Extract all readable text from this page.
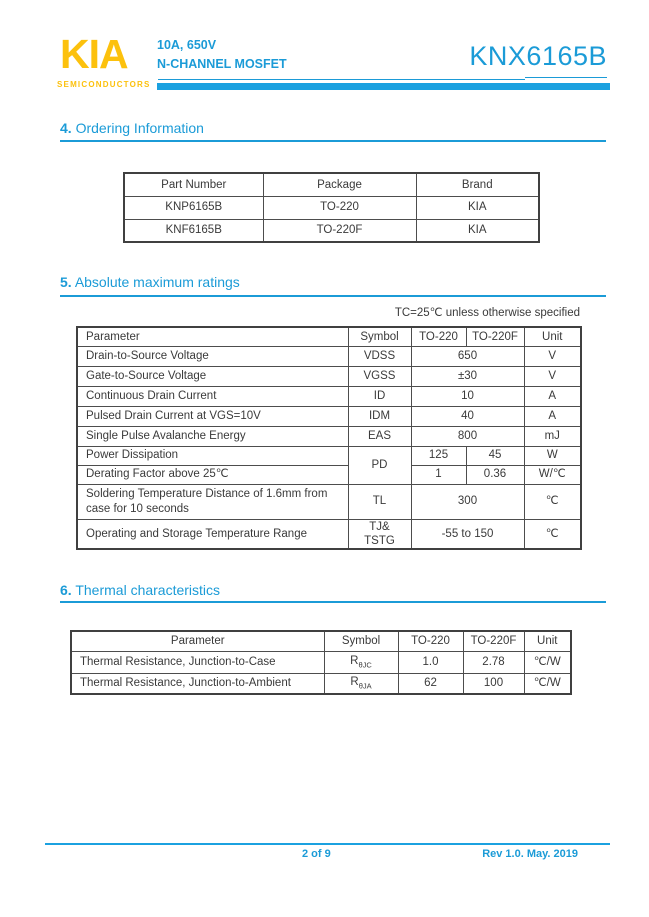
KIA
SEMICONDUCTORS
10A, 650V
N-CHANNEL MOSFET	KNX6165B
4. Ordering Information
Part Number	Package	Brand
KNP6165B	TO-220	KIA
KNF6165B	TO-220F	KIA
5. Absolute maximum ratings
TC=25℃ unless otherwise specified
Parameter	Symbol	TO-220	TO-220F	Unit
Drain-to-Source Voltage	VDSS	650		V
Gate-to-Source Voltage	VGSS	±30		V
Continuous Drain Current	ID	10		A
Pulsed Drain Current at VGS=10V	IDM	40		A
Single Pulse Avalanche Energy	EAS	800		mJ
Power Dissipation	PD	125	45	W
Derating Factor above 25℃		1	0.36	W/℃
Soldering Temperature Distance of 1.6mm from case for 10 seconds	TL	300		℃
Operating and Storage Temperature Range	TJ& TSTG	-55 to 150		℃
6. Thermal characteristics
Parameter	Symbol	TO-220	TO-220F	Unit
Thermal Resistance, Junction-to-Case	$R_{\theta JC}$	1.0	2.78	℃/W
Thermal Resistance, Junction-to-Ambient	$R_{\theta JA}$	62	100	℃/W
2 of 9	Rev 1.0. May. 2019
